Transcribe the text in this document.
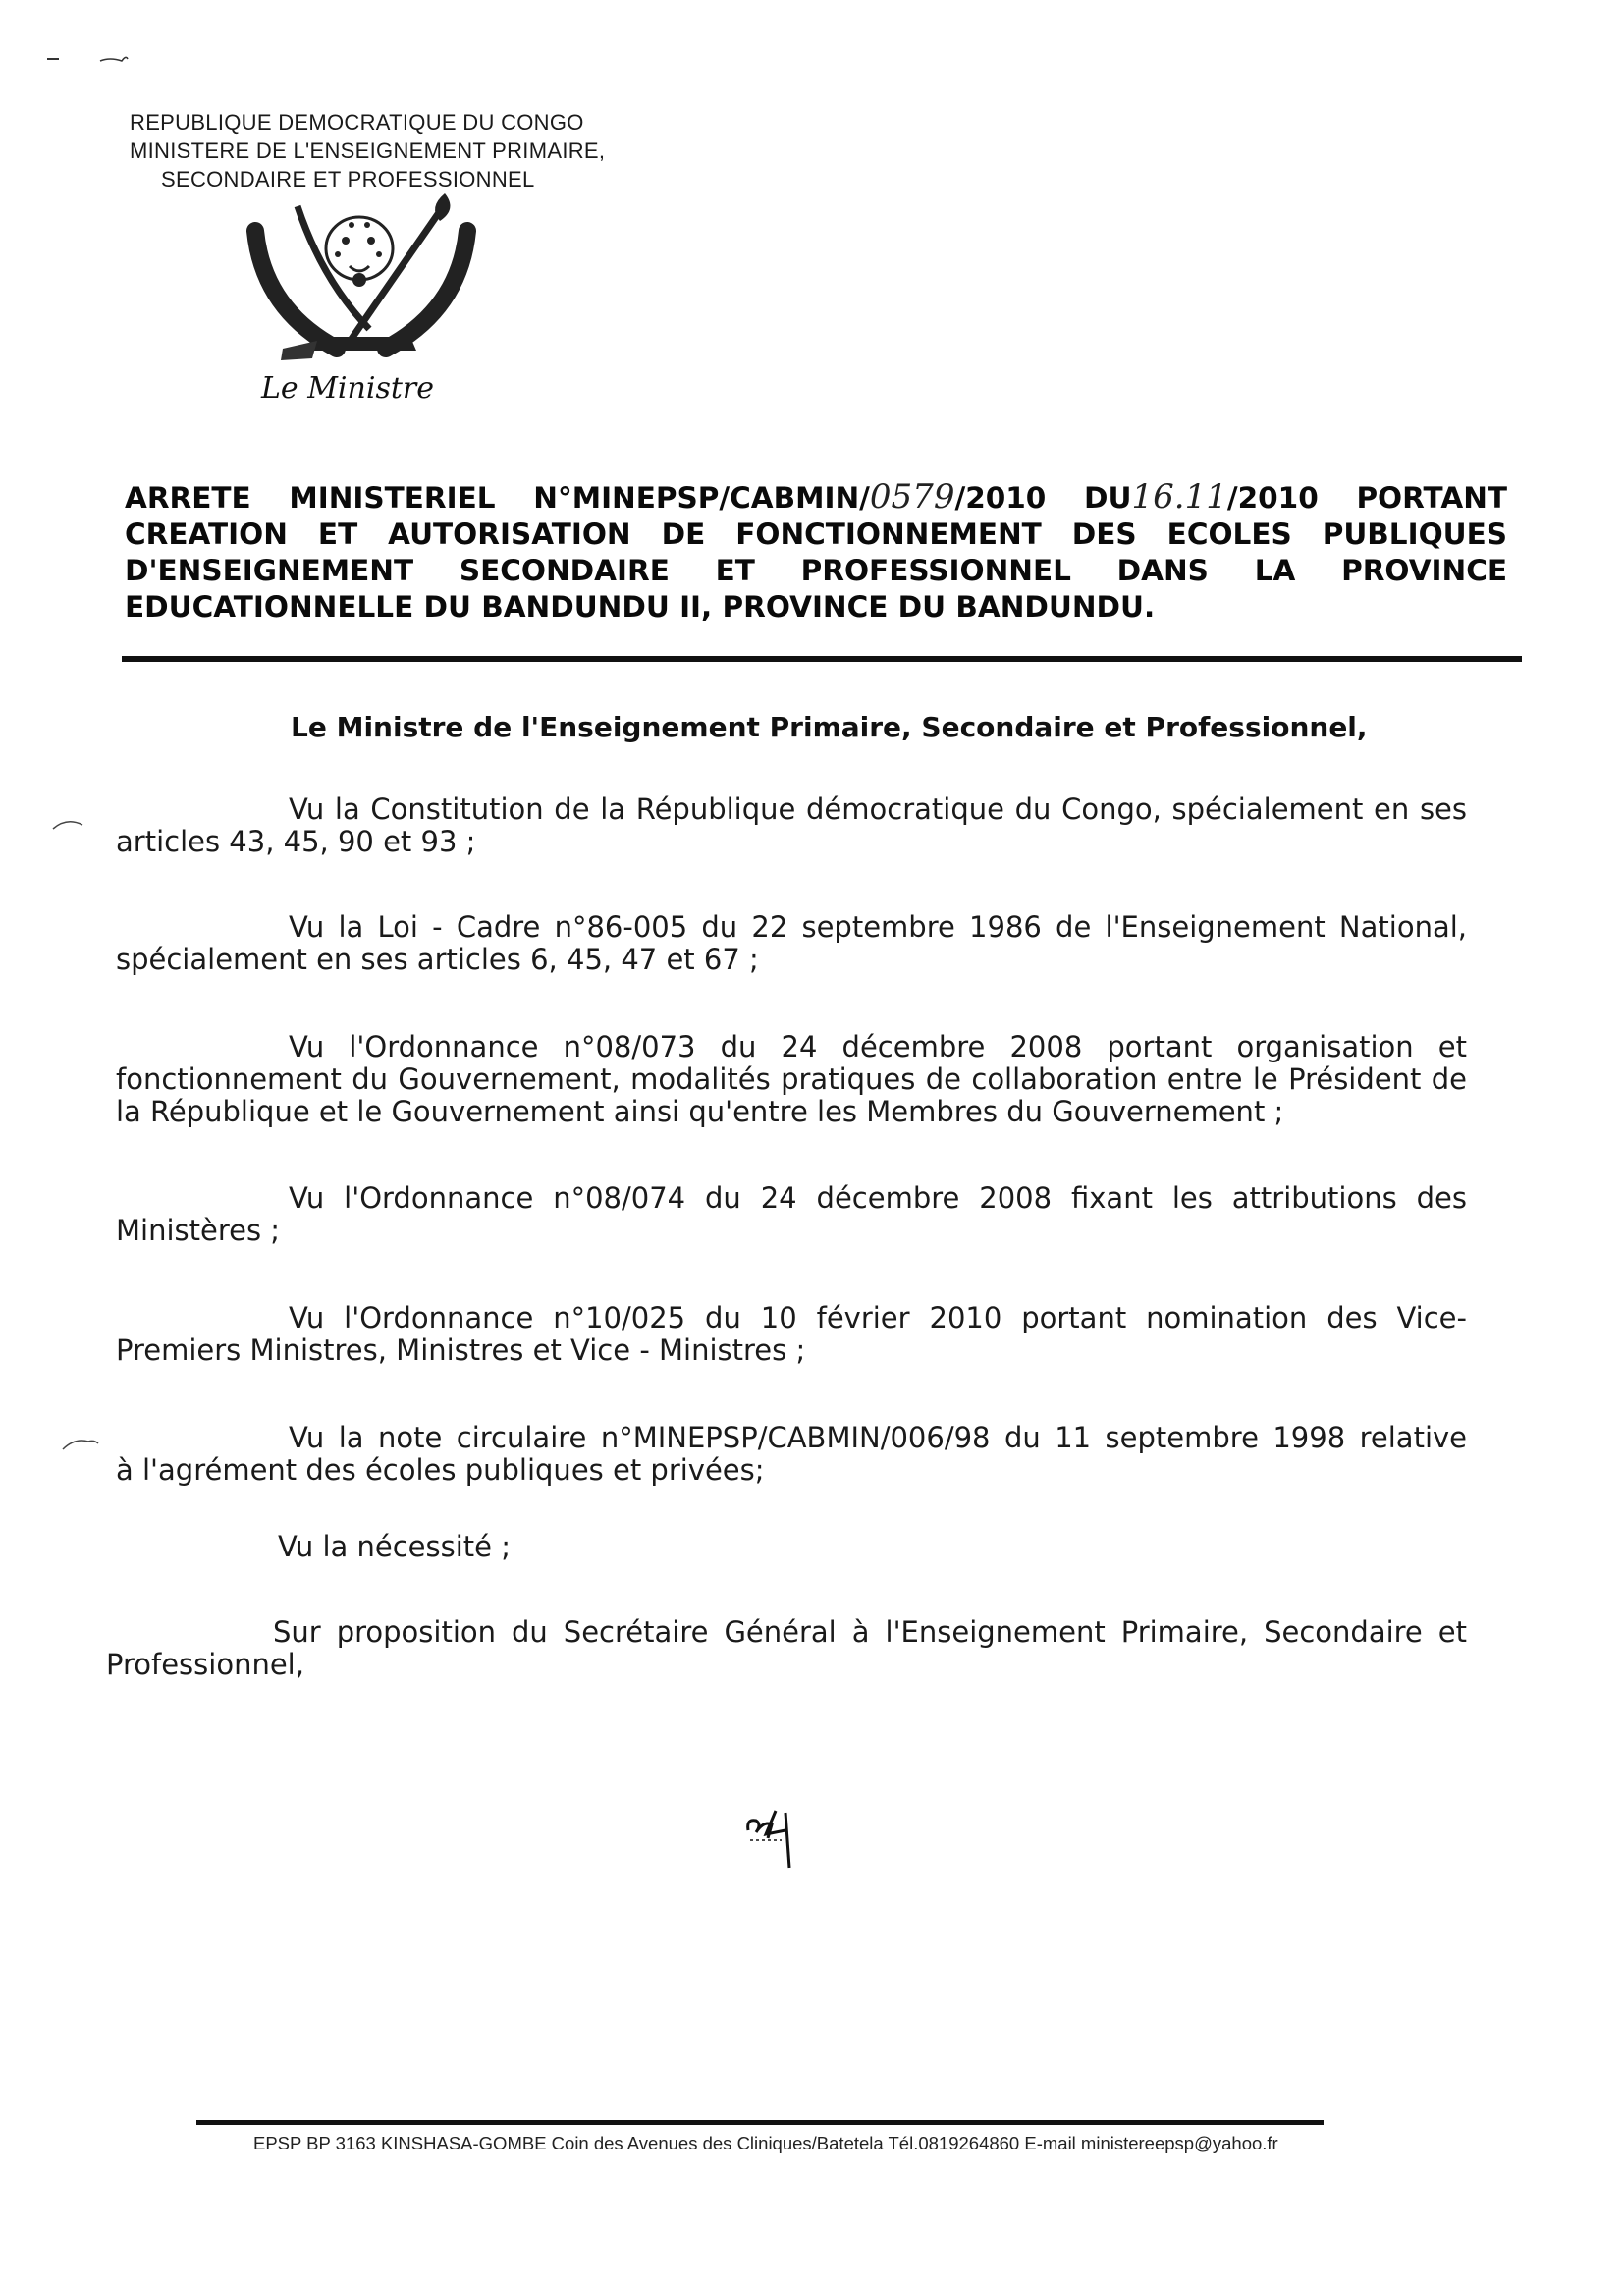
REPUBLIQUE DEMOCRATIQUE DU CONGO
MINISTERE DE L'ENSEIGNEMENT PRIMAIRE,
SECONDAIRE ET PROFESSIONNEL
Le Ministre
ARRETE MINISTERIEL N°MINEPSP/CABMIN/0579/2010 DU16.11/2010 PORTANT
CREATION ET AUTORISATION DE FONCTIONNEMENT DES ECOLES PUBLIQUES
D'ENSEIGNEMENT SECONDAIRE ET PROFESSIONNEL DANS LA PROVINCE
EDUCATIONNELLE DU BANDUNDU II, PROVINCE DU BANDUNDU.
Le Ministre de l'Enseignement Primaire, Secondaire et Professionnel,
Vu la Constitution de la République démocratique du Congo, spécialement en ses
articles 43, 45, 90 et 93 ;
Vu la Loi - Cadre n°86-005 du 22 septembre 1986 de l'Enseignement National,
spécialement en ses articles 6, 45, 47 et 67 ;
Vu l'Ordonnance n°08/073 du 24 décembre 2008 portant organisation et
fonctionnement du Gouvernement, modalités pratiques de collaboration entre le Président de la République et le Gouvernement ainsi qu'entre les Membres du Gouvernement ;
Vu l'Ordonnance n°08/074 du 24 décembre 2008 fixant les attributions des
Ministères ;
Vu l'Ordonnance n°10/025 du 10 février 2010 portant nomination des Vice-
Premiers Ministres, Ministres et Vice - Ministres ;
Vu la note circulaire n°MINEPSP/CABMIN/006/98 du 11 septembre 1998 relative
à l'agrément des écoles publiques et privées;
Vu la nécessité ;
Sur proposition du Secrétaire Général à l'Enseignement Primaire, Secondaire et
Professionnel,
EPSP BP 3163 KINSHASA-GOMBE Coin des Avenues des Cliniques/Batetela Tél.0819264860 E-mail ministereepsp@yahoo.fr
